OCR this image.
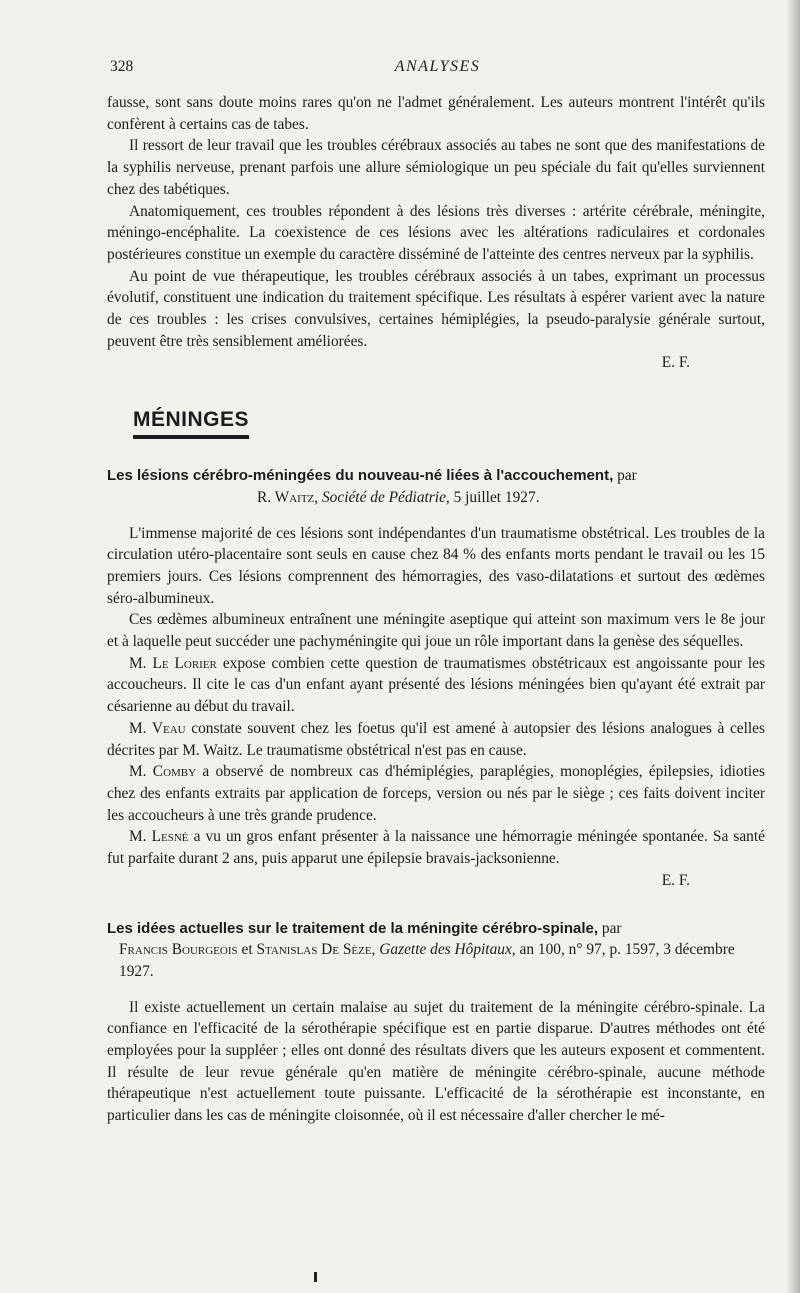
328	ANALYSES

fausse, sont sans doute moins rares qu'on ne l'admet généralement. Les auteurs montrent l'intérêt qu'ils confèrent à certains cas de tabes.

Il ressort de leur travail que les troubles cérébraux associés au tabes ne sont que des manifestations de la syphilis nerveuse, prenant parfois une allure sémiologique un peu spéciale du fait qu'elles surviennent chez des tabétiques.

Anatomiquement, ces troubles répondent à des lésions très diverses : artérite cérébrale, méningite, méningo-encéphalite. La coexistence de ces lésions avec les altérations radiculaires et cordonales postérieures constitue un exemple du caractère disséminé de l'atteinte des centres nerveux par la syphilis.

Au point de vue thérapeutique, les troubles cérébraux associés à un tabes, exprimant un processus évolutif, constituent une indication du traitement spécifique. Les résultats à espérer varient avec la nature de ces troubles : les crises convulsives, certaines hémiplégies, la pseudo-paralysie générale surtout, peuvent être très sensiblement améliorées.

E. F.

MÉNINGES

Les lésions cérébro-méningées du nouveau-né liées à l'accouchement, par

R. Waitz, Société de Pédiatrie, 5 juillet 1927.

L'immense majorité de ces lésions sont indépendantes d'un traumatisme obstétrical. Les troubles de la circulation utéro-placentaire sont seuls en cause chez 84 % des enfants morts pendant le travail ou les 15 premiers jours. Ces lésions comprennent des hémorragies, des vaso-dilatations et surtout des œdèmes séro-albumineux.

Ces œdèmes albumineux entraînent une méningite aseptique qui atteint son maximum vers le 8e jour et à laquelle peut succéder une pachyméningite qui joue un rôle important dans la genèse des séquelles.

M. Le Lorier expose combien cette question de traumatismes obstétricaux est angoissante pour les accoucheurs. Il cite le cas d'un enfant ayant présenté des lésions méningées bien qu'ayant été extrait par césarienne au début du travail.

M. Veau constate souvent chez les foetus qu'il est amené à autopsier des lésions analogues à celles décrites par M. Waitz. Le traumatisme obstétrical n'est pas en cause.

M. Comby a observé de nombreux cas d'hémiplégies, paraplégies, monoplégies, épilepsies, idioties chez des enfants extraits par application de forceps, version ou nés par le siège ; ces faits doivent inciter les accoucheurs à une très grande prudence.

M. Lesné a vu un gros enfant présenter à la naissance une hémorragie méningée spontanée. Sa santé fut parfaite durant 2 ans, puis apparut une épilepsie bravais-jacksonienne.

E. F.

Les idées actuelles sur le traitement de la méningite cérébro-spinale, par

Francis Bourgeois et Stanislas De Sèze, Gazette des Hôpitaux, an 100, n° 97, p. 1597, 3 décembre 1927.

Il existe actuellement un certain malaise au sujet du traitement de la méningite cérébro-spinale. La confiance en l'efficacité de la sérothérapie spécifique est en partie disparue. D'autres méthodes ont été employées pour la suppléer ; elles ont donné des résultats divers que les auteurs exposent et commentent. Il résulte de leur revue générale qu'en matière de méningite cérébro-spinale, aucune méthode thérapeutique n'est actuellement toute puissante. L'efficacité de la sérothérapie est inconstante, en particulier dans les cas de méningite cloisonnée, où il est nécessaire d'aller chercher le mé-
